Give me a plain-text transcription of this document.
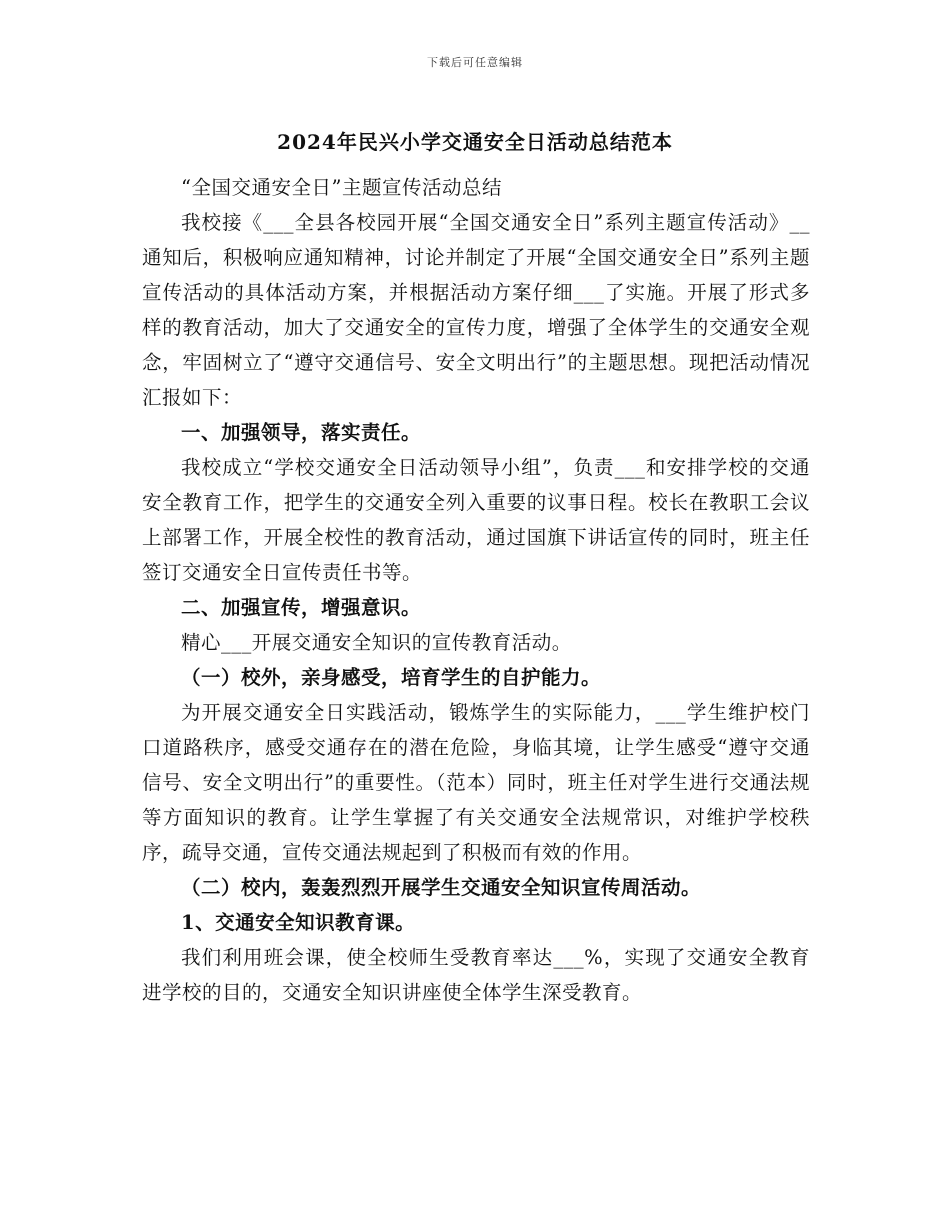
下载后可任意编辑
2024年民兴小学交通安全日活动总结范本

“全国交通安全日”主题宣传活动总结

我校接《___全县各校园开展“全国交通安全日”系列主题宣传活动》__通知后，积极响应通知精神，讨论并制定了开展“全国交通安全日”系列主题宣传活动的具体活动方案，并根据活动方案仔细___了实施。开展了形式多样的教育活动，加大了交通安全的宣传力度，增强了全体学生的交通安全观念，牢固树立了“遵守交通信号、安全文明出行”的主题思想。现把活动情况汇报如下：

一、加强领导，落实责任。

我校成立“学校交通安全日活动领导小组”，负责___和安排学校的交通安全教育工作，把学生的交通安全列入重要的议事日程。校长在教职工会议上部署工作，开展全校性的教育活动，通过国旗下讲话宣传的同时，班主任签订交通安全日宣传责任书等。

二、加强宣传，增强意识。

精心___开展交通安全知识的宣传教育活动。

（一）校外，亲身感受，培育学生的自护能力。

为开展交通安全日实践活动，锻炼学生的实际能力，___学生维护校门口道路秩序，感受交通存在的潜在危险，身临其境，让学生感受“遵守交通信号、安全文明出行”的重要性。（范本）同时，班主任对学生进行交通法规等方面知识的教育。让学生掌握了有关交通安全法规常识，对维护学校秩序，疏导交通，宣传交通法规起到了积极而有效的作用。

（二）校内，轰轰烈烈开展学生交通安全知识宣传周活动。

1、交通安全知识教育课。

我们利用班会课，使全校师生受教育率达___%，实现了交通安全教育进学校的目的，交通安全知识讲座使全体学生深受教育。
